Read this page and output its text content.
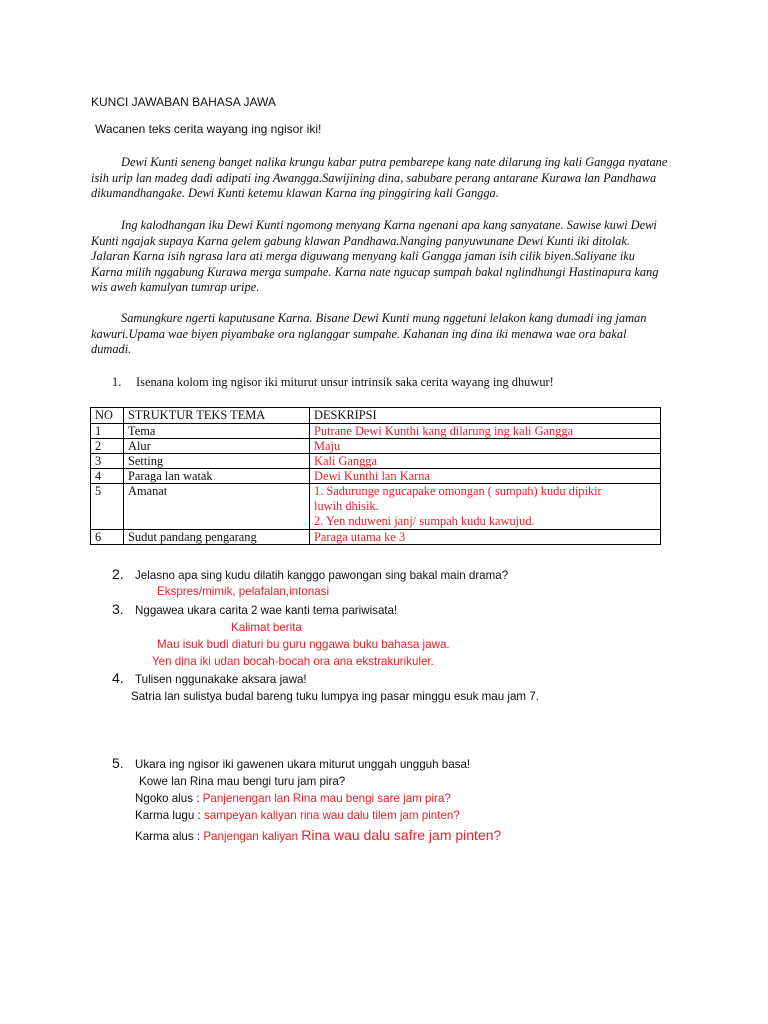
KUNCI JAWABAN BAHASA JAWA
Wacanen teks cerita wayang ing ngisor iki!

Dewi Kunti seneng banget nalika krungu kabar putra pembarepe kang nate dilarung ing kali Gangga nyatane
isih urip lan madeg dadi adipati ing Awangga.Sawijining dina, sabubare perang antarane Kurawa lan Pandhawa
dikumandhangake. Dewi Kunti ketemu klawan Karna ing pinggiring kali Gangga.

Ing kalodhangan iku Dewi Kunti ngomong menyang Karna ngenani apa kang sanyatane. Sawise kuwi Dewi
Kunti ngajak supaya Karna gelem gabung klawan Pandhawa.Nanging panyuwunane Dewi Kunti iki ditolak.
Jalaran Karna isih ngrasa lara ati merga diguwang menyang kali Gangga jaman isih cilik biyen.Saliyane iku
Karna milih nggabung Kurawa merga sumpahe. Karna nate ngucap sumpah bakal nglindhungi Hastinapura kang
wis aweh kamulyan tumrap uripe.

Samungkure ngerti kaputusane Karna. Bisane Dewi Kunti mung nggetuni lelakon kang dumadi ing jaman
kawuri.Upama wae biyen piyambake ora nglanggar sumpahe. Kahanan ing dina iki menawa wae ora bakal
dumadi.

1. Isenana kolom ing ngisor iki miturut unsur intrinsik saka cerita wayang ing dhuwur!
NO	STRUKTUR TEKS TEMA	DESKRIPSI
1	Tema	Putrane Dewi Kunthi kang dilarung ing kali Gangga
2	Alur	Maju
3	Setting	Kali Gangga
4	Paraga lan watak	Dewi Kunthi lan Karna
5	Amanat	1. Sadurunge ngucapake omongan ( sumpah) kudu dipikir
luwih dhisik.
2. Yen nduweni janj/ sumpah kudu kawujud.

6	Sudut pandang pengarang	Paraga utama ke 3
2. Jelasno apa sing kudu dilatih kanggo pawongan sing bakal main drama?
Ekspres/mimik, pelafalan,intonasi
3. Nggawea ukara carita 2 wae kanti tema pariwisata!
Kalimat berita
Mau isuk budi diaturi bu guru nggawa buku bahasa jawa.
Yen dina iki udan bocah-bocah ora ana ekstrakurikuler.
4. Tulisen nggunakake aksara jawa!
Satria lan sulistya budal bareng tuku lumpya ing pasar minggu esuk mau jam 7.
5. Ukara ing ngisor iki gawenen ukara miturut unggah ungguh basa!
Kowe lan Rina mau bengi turu jam pira?
Ngoko alus : Panjenengan lan Rina mau bengi sare jam pira?
Karma lugu : sampeyan kaliyan rina wau dalu tilem jam pinten?
Karma alus : Panjengan kaliyan Rina wau dalu safre jam pinten?
